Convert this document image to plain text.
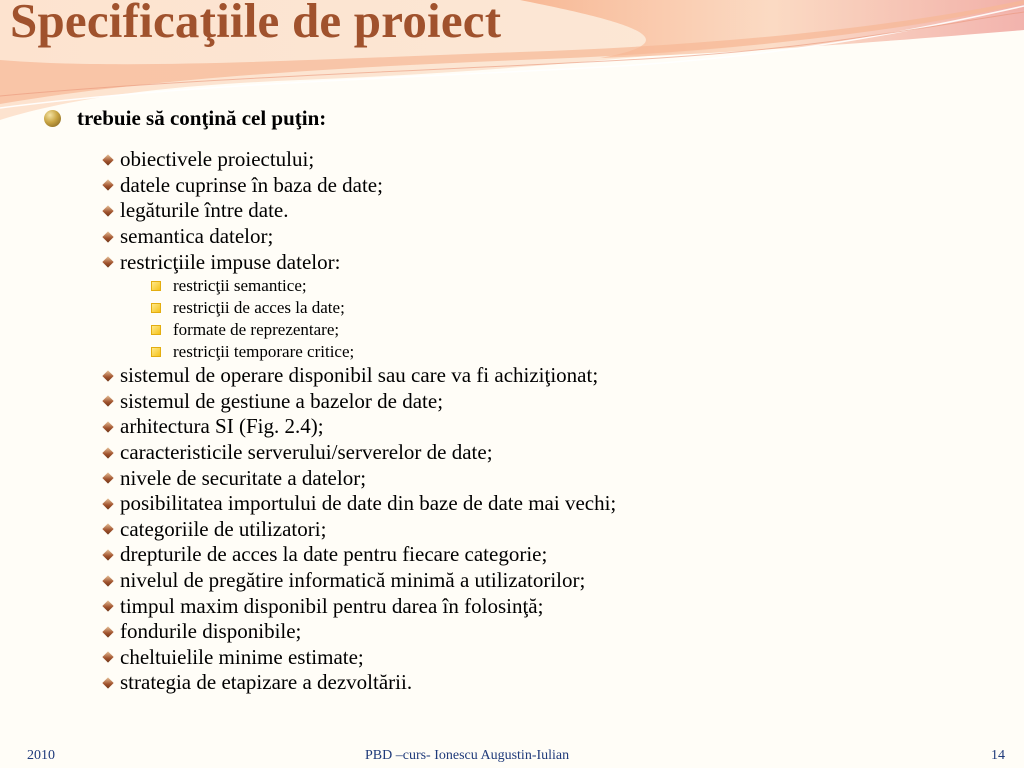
Specificaţiile de proiect
trebuie să conţină cel puţin:
obiectivele proiectului;
datele cuprinse în baza de date;
legăturile între date.
semantica datelor;
restricţiile impuse datelor:
restricţii semantice;
restricţii de acces la date;
formate de reprezentare;
restricţii temporare critice;
sistemul de operare disponibil sau care va fi achiziţionat;
sistemul de gestiune a bazelor de date;
arhitectura SI (Fig. 2.4);
caracteristicile serverului/serverelor de date;
nivele de securitate a datelor;
posibilitatea importului de date din baze de date mai vechi;
categoriile de utilizatori;
drepturile de acces la date pentru fiecare categorie;
nivelul de pregătire informatică minimă a utilizatorilor;
timpul maxim disponibil pentru darea în folosinţă;
fondurile disponibile;
cheltuielile minime estimate;
strategia de etapizare a dezvoltării.
2010	PBD –curs- Ionescu Augustin-Iulian	14
